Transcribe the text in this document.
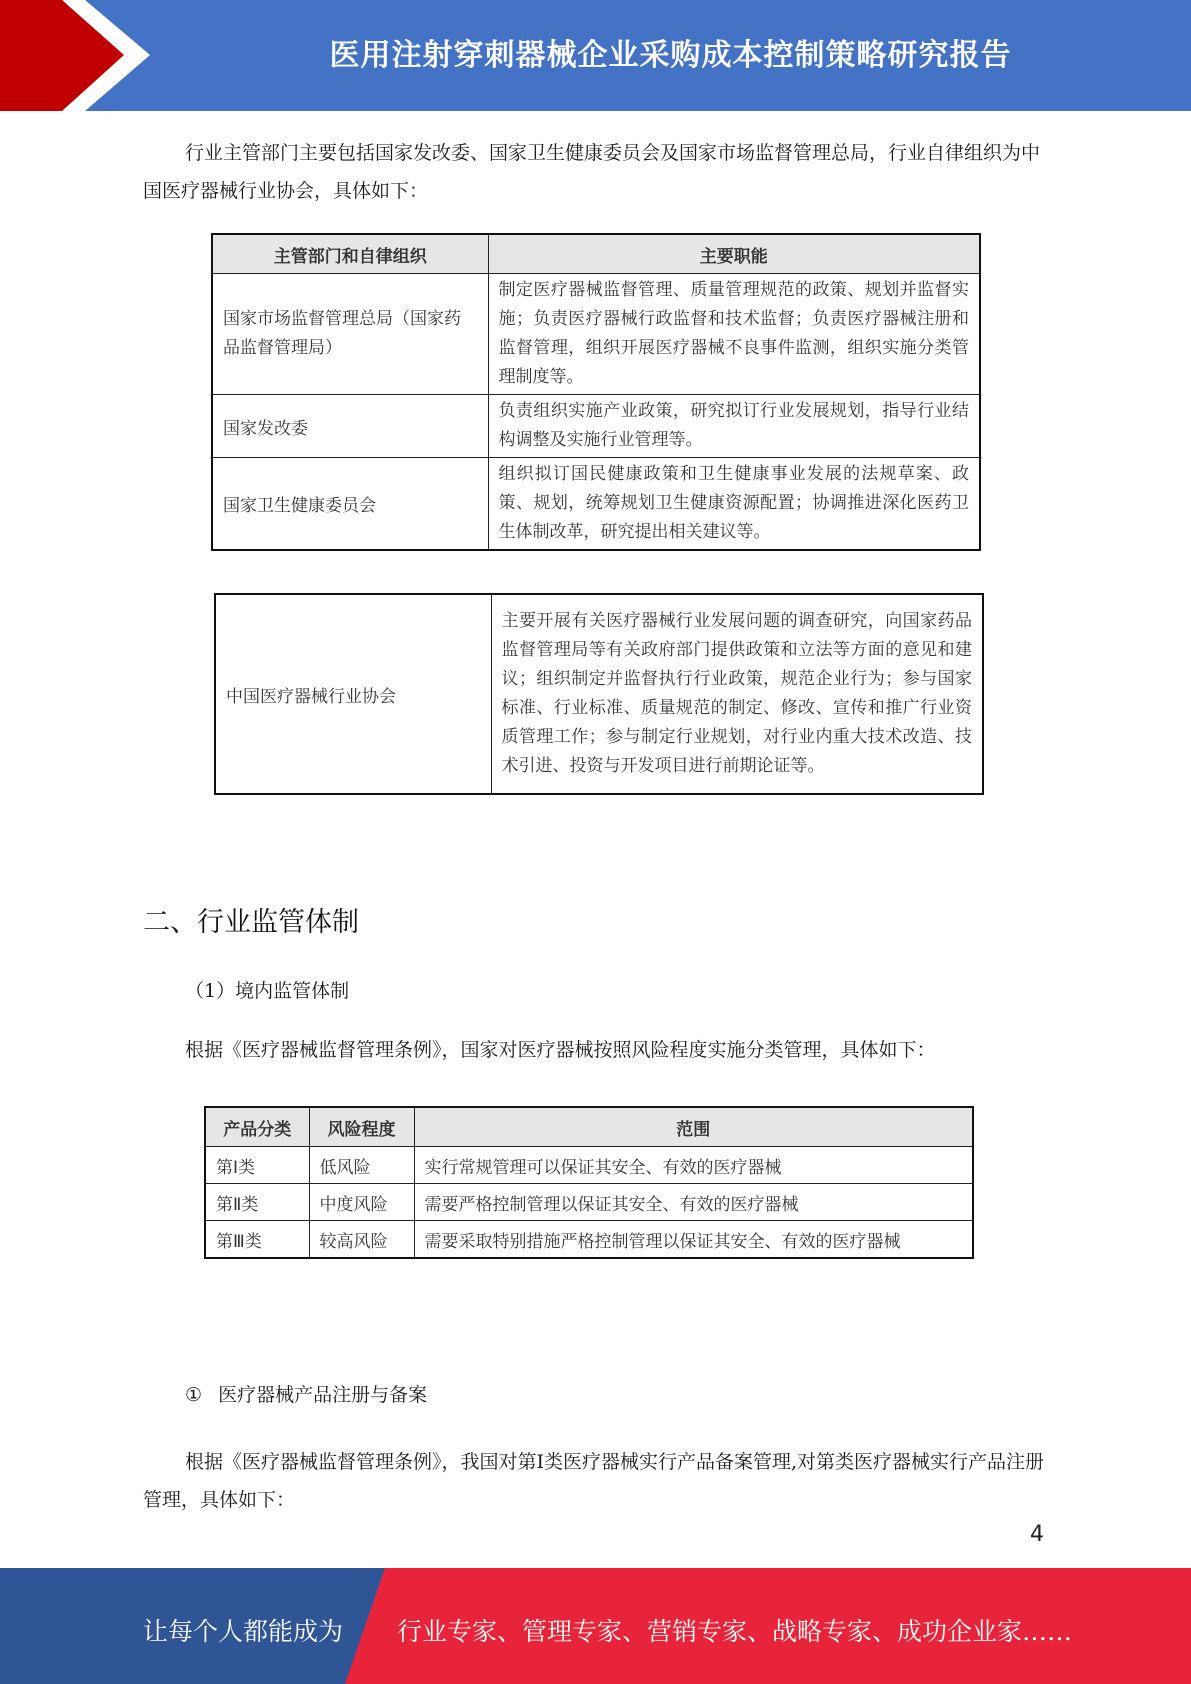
医用注射穿刺器械企业采购成本控制策略研究报告
行业主管部门主要包括国家发改委、国家卫生健康委员会及国家市场监督管理总局，行业自律组织为中国医疗器械行业协会，具体如下：
主管部门和自律组织	主要职能
国家市场监督管理总局（国家药品监督管理局）	制定医疗器械监督管理、质量管理规范的政策、规划并监督实施；负责医疗器械行政监督和技术监督；负责医疗器械注册和监督管理，组织开展医疗器械不良事件监测，组织实施分类管理制度等。
国家发改委	负责组织实施产业政策，研究拟订行业发展规划，指导行业结构调整及实施行业管理等。
国家卫生健康委员会	组织拟订国民健康政策和卫生健康事业发展的法规草案、政策、规划，统筹规划卫生健康资源配置；协调推进深化医药卫生体制改革，研究提出相关建议等。
中国医疗器械行业协会	主要开展有关医疗器械行业发展问题的调查研究，向国家药品监督管理局等有关政府部门提供政策和立法等方面的意见和建议；组织制定并监督执行行业政策，规范企业行为；参与国家标准、行业标准、质量规范的制定、修改、宣传和推广行业资质管理工作；参与制定行业规划，对行业内重大技术改造、技术引进、投资与开发项目进行前期论证等。
二、行业监管体制
（1）境内监管体制
根据《医疗器械监督管理条例》，国家对医疗器械按照风险程度实施分类管理，具体如下：
产品分类	风险程度	范围
第Ⅰ类	低风险	实行常规管理可以保证其安全、有效的医疗器械
第Ⅱ类	中度风险	需要严格控制管理以保证其安全、有效的医疗器械
第Ⅲ类	较高风险	需要采取特别措施严格控制管理以保证其安全、有效的医疗器械
① 医疗器械产品注册与备案
根据《医疗器械监督管理条例》，我国对第Ⅰ类医疗器械实行产品备案管理,对第类医疗器械实行产品注册管理，具体如下：
4
让每个人都能成为 行业专家、管理专家、营销专家、战略专家、成功企业家……
